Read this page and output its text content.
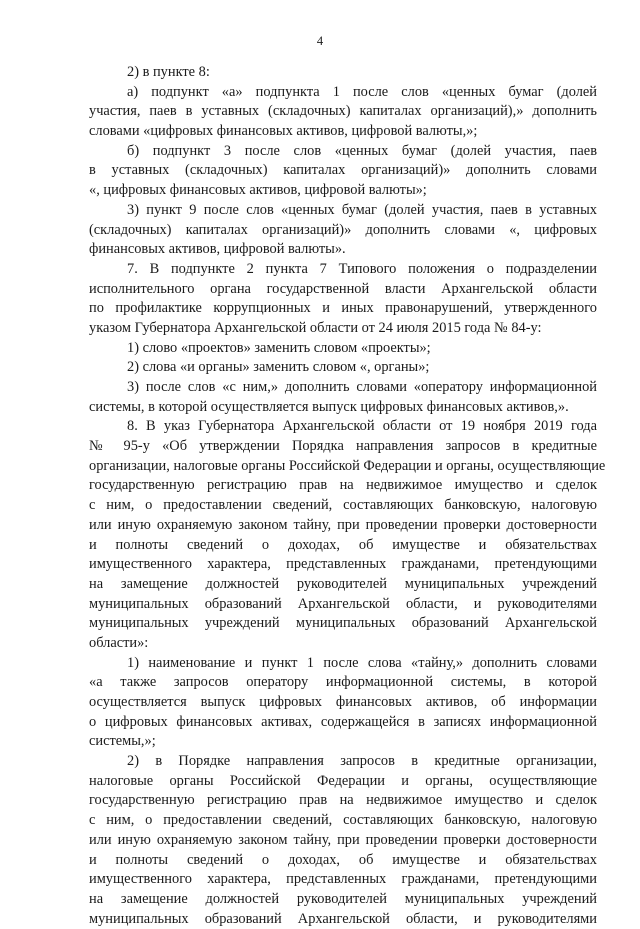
4
2) в пункте 8:
а) подпункт «а» подпункта 1 после слов «ценных бумаг (долей
участия, паев в уставных (складочных) капиталах организаций),» дополнить
словами «цифровых финансовых активов, цифровой валюты,»;
б) подпункт 3 после слов «ценных бумаг (долей участия, паев
в уставных (складочных) капиталах организаций)» дополнить словами
«, цифровых финансовых активов, цифровой валюты»;
3) пункт 9 после слов «ценных бумаг (долей участия, паев в уставных
(складочных) капиталах организаций)» дополнить словами «, цифровых
финансовых активов, цифровой валюты».
7. В подпункте 2 пункта 7 Типового положения о подразделении
исполнительного органа государственной власти Архангельской области
по профилактике коррупционных и иных правонарушений, утвержденного
указом Губернатора Архангельской области от 24 июля 2015 года № 84-у:
1) слово «проектов» заменить словом «проекты»;
2) слова «и органы» заменить словом «, органы»;
3) после слов «с ним,» дополнить словами «оператору информационной
системы, в которой осуществляется выпуск цифровых финансовых активов,».
8. В указ Губернатора Архангельской области от 19 ноября 2019 года
№ 95-у «Об утверждении Порядка направления запросов в кредитные
организации, налоговые органы Российской Федерации и органы, осуществляющие
государственную регистрацию прав на недвижимое имущество и сделок
с ним, о предоставлении сведений, составляющих банковскую, налоговую
или иную охраняемую законом тайну, при проведении проверки достоверности
и полноты сведений о доходах, об имуществе и обязательствах
имущественного характера, представленных гражданами, претендующими
на замещение должностей руководителей муниципальных учреждений
муниципальных образований Архангельской области, и руководителями
муниципальных учреждений муниципальных образований Архангельской
области»:
1) наименование и пункт 1 после слова «тайну,» дополнить словами
«а также запросов оператору информационной системы, в которой
осуществляется выпуск цифровых финансовых активов, об информации
о цифровых финансовых активах, содержащейся в записях информационной
системы,»;
2) в Порядке направления запросов в кредитные организации,
налоговые органы Российской Федерации и органы, осуществляющие
государственную регистрацию прав на недвижимое имущество и сделок
с ним, о предоставлении сведений, составляющих банковскую, налоговую
или иную охраняемую законом тайну, при проведении проверки достоверности
и полноты сведений о доходах, об имуществе и обязательствах
имущественного характера, представленных гражданами, претендующими
на замещение должностей руководителей муниципальных учреждений
муниципальных образований Архангельской области, и руководителями
